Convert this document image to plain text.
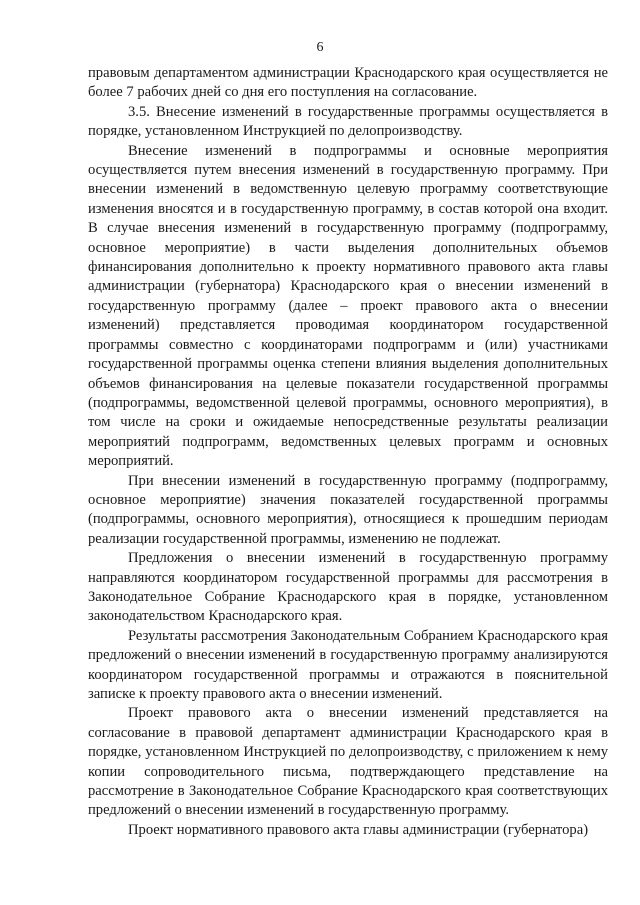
6

правовым департаментом администрации Краснодарского края осуществляется не более 7 рабочих дней со дня его поступления на согласование.

3.5. Внесение изменений в государственные программы осуществляется в порядке, установленном Инструкцией по делопроизводству.

Внесение изменений в подпрограммы и основные мероприятия осуществляется путем внесения изменений в государственную программу. При внесении изменений в ведомственную целевую программу соответствующие изменения вносятся и в государственную программу, в состав которой она входит. В случае внесения изменений в государственную программу (подпрограмму, основное мероприятие) в части выделения дополнительных объемов финансирования дополнительно к проекту нормативного правового акта главы администрации (губернатора) Краснодарского края о внесении изменений в государственную программу (далее – проект правового акта о внесении изменений) представляется проводимая координатором государственной программы совместно с координаторами подпрограмм и (или) участниками государственной программы оценка степени влияния выделения дополнительных объемов финансирования на целевые показатели государственной программы (подпрограммы, ведомственной целевой программы, основного мероприятия), в том числе на сроки и ожидаемые непосредственные результаты реализации мероприятий подпрограмм, ведомственных целевых программ и основных мероприятий.

При внесении изменений в государственную программу (подпрограмму, основное мероприятие) значения показателей государственной программы (подпрограммы, основного мероприятия), относящиеся к прошедшим периодам реализации государственной программы, изменению не подлежат.

Предложения о внесении изменений в государственную программу направляются координатором государственной программы для рассмотрения в Законодательное Собрание Краснодарского края в порядке, установленном законодательством Краснодарского края.

Результаты рассмотрения Законодательным Собранием Краснодарского края предложений о внесении изменений в государственную программу анализируются координатором государственной программы и отражаются в пояснительной записке к проекту правового акта о внесении изменений.

Проект правового акта о внесении изменений представляется на согласование в правовой департамент администрации Краснодарского края в порядке, установленном Инструкцией по делопроизводству, с приложением к нему копии сопроводительного письма, подтверждающего представление на рассмотрение в Законодательное Собрание Краснодарского края соответствующих предложений о внесении изменений в государственную программу.

Проект нормативного правового акта главы администрации (губернатора)
